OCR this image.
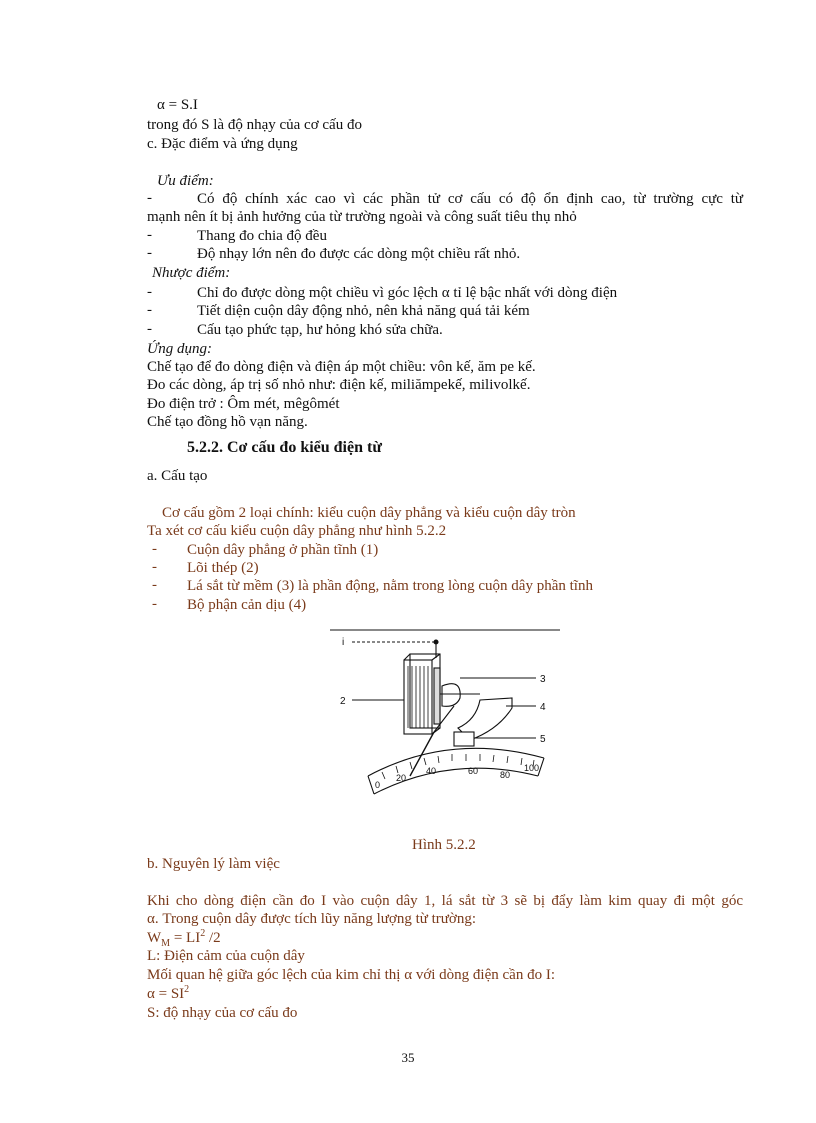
α = S.I
trong đó S là độ nhạy của cơ cấu đo
c. Đặc điểm và ứng dụng
Ưu điểm:
-	Có độ chính xác cao vì các phần tử cơ cấu có độ ổn định cao, từ trường cực từ
mạnh nên ít bị ảnh hưởng của từ trường ngoài và công suất tiêu thụ nhỏ
-	Thang đo chia độ đều
-	Độ nhạy lớn nên đo được các dòng một chiều rất nhỏ.
Nhược điểm:
-	Chỉ đo được dòng một chiều vì góc lệch α tỉ lệ bậc nhất với dòng điện
-	Tiết diện cuộn dây động nhỏ, nên khả năng quá tải kém
-	Cấu tạo phức tạp, hư hỏng khó sửa chữa.
Ứng dụng:
Chế tạo để đo dòng điện và điện áp một chiều: vôn kế, ăm pe kế.
Đo các dòng, áp trị số nhỏ như: điện kế, miliămpekế, milivolkế.
Đo điện trở : Ôm mét, mêgômét
Chế tạo đồng hồ vạn năng.
5.2.2. Cơ cấu đo kiểu điện từ
a. Cấu tạo
Cơ cấu gồm 2 loại chính: kiểu cuộn dây phẳng và kiểu cuộn dây tròn
Ta xét cơ cấu kiểu cuộn dây phẳng như hình 5.2.2
- Cuộn dây phẳng ở phần tĩnh (1)
- Lõi thép (2)
- Lá sắt từ mềm (3) là phần động, nằm trong lòng cuộn dây phần tĩnh
- Bộ phận cản dịu (4)
i
2
3
4
5
0
20
40	60 80
100
Hình 5.2.2
b. Nguyên lý làm việc
Khi cho dòng điện cần đo I vào cuộn dây 1, lá sắt từ 3 sẽ bị đẩy làm kim quay đi một góc
α. Trong cuộn dây được tích lũy năng lượng từ trường:
$W_M = LI^2$ /2
L: Điện cảm của cuộn dây
Mối quan hệ giữa góc lệch của kim chỉ thị α với dòng điện cần đo I:
$\alpha = SI^2$
S: độ nhạy của cơ cấu đo
35
